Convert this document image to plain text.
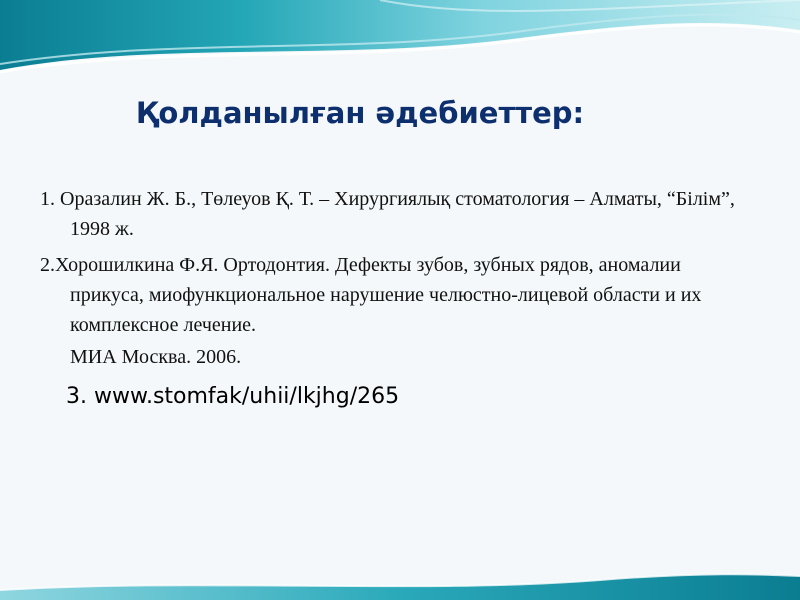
Қолданылған әдебиеттер:

1. Оразалин Ж. Б., Төлеуов Қ. Т. – Хирургиялық стоматология – Алматы, “Білім”, 1998 ж.

2.Хорошилкина Ф.Я. Ортодонтия. Дефекты зубов, зубных рядов, аномалии прикуса, миофункциональное нарушение челюстно-лицевой области и их комплексное лечение.

МИА Москва. 2006.

3. www.stomfak/uhii/lkjhg/265
